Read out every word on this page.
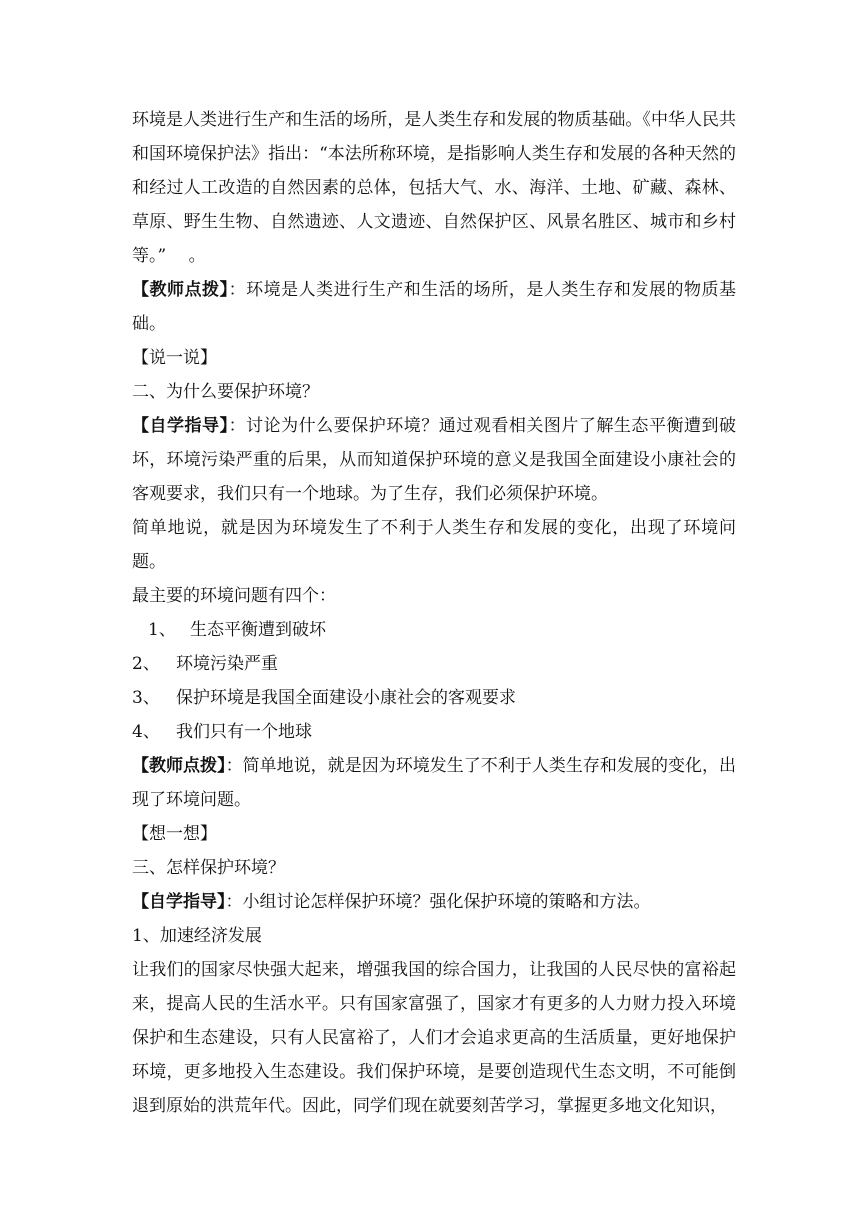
环境是人类进行生产和生活的场所，是人类生存和发展的物质基础。《中华人民共和国环境保护法》指出：“本法所称环境，是指影响人类生存和发展的各种天然的和经过人工改造的自然因素的总体，包括大气、水、海洋、土地、矿藏、森林、草原、野生生物、自然遗迹、人文遗迹、自然保护区、风景名胜区、城市和乡村等。”　 。

【教师点拨】：环境是人类进行生产和生活的场所，是人类生存和发展的物质基础。

【说一说】

二、为什么要保护环境？

【自学指导】：讨论为什么要保护环境？通过观看相关图片了解生态平衡遭到破坏，环境污染严重的后果，从而知道保护环境的意义是我国全面建设小康社会的客观要求，我们只有一个地球。为了生存，我们必须保护环境。

简单地说，就是因为环境发生了不利于人类生存和发展的变化，出现了环境问题。

最主要的环境问题有四个：

1、 生态平衡遭到破坏

2、 环境污染严重

3、 保护环境是我国全面建设小康社会的客观要求

4、 我们只有一个地球

【教师点拨】：简单地说，就是因为环境发生了不利于人类生存和发展的变化，出现了环境问题。

【想一想】

三、怎样保护环境？

【自学指导】：小组讨论怎样保护环境？强化保护环境的策略和方法。

1、加速经济发展

让我们的国家尽快强大起来，增强我国的综合国力，让我国的人民尽快的富裕起来，提高人民的生活水平。只有国家富强了，国家才有更多的人力财力投入环境保护和生态建设，只有人民富裕了，人们才会追求更高的生活质量，更好地保护环境，更多地投入生态建设。我们保护环境，是要创造现代生态文明，不可能倒退到原始的洪荒年代。因此，同学们现在就要刻苦学习，掌握更多地文化知识，
